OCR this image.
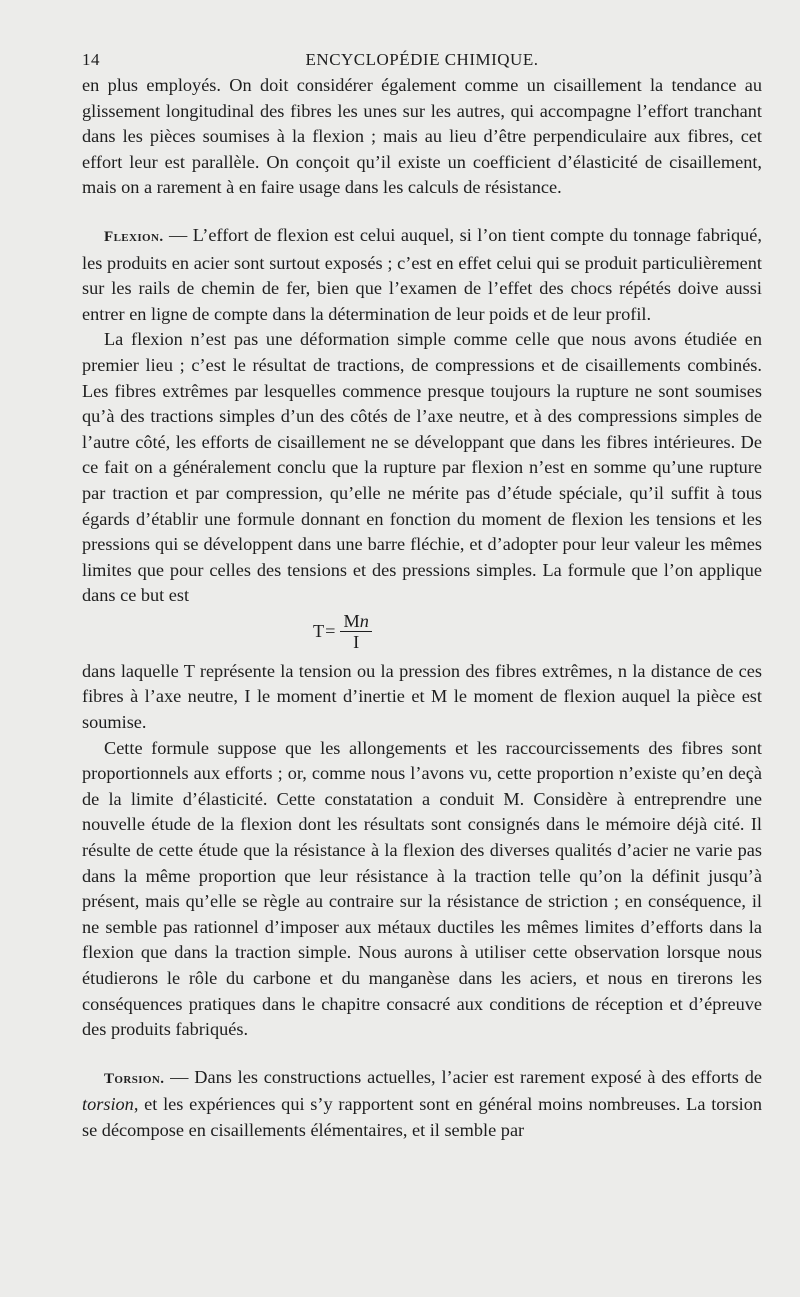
14	ENCYCLOPÉDIE CHIMIQUE.

en plus employés. On doit considérer également comme un cisaillement la tendance au glissement longitudinal des fibres les unes sur les autres, qui accompagne l’effort tranchant dans les pièces soumises à la flexion ; mais au lieu d’être perpendiculaire aux fibres, cet effort leur est parallèle. On conçoit qu’il existe un coefficient d’élasticité de cisaillement, mais on a rarement à en faire usage dans les calculs de résistance.

Flexion. — L’effort de flexion est celui auquel, si l’on tient compte du tonnage fabriqué, les produits en acier sont surtout exposés ; c’est en effet celui qui se produit particulièrement sur les rails de chemin de fer, bien que l’examen de l’effet des chocs répétés doive aussi entrer en ligne de compte dans la détermination de leur poids et de leur profil.

La flexion n’est pas une déformation simple comme celle que nous avons étudiée en premier lieu ; c’est le résultat de tractions, de compressions et de cisaillements combinés. Les fibres extrêmes par lesquelles commence presque toujours la rupture ne sont soumises qu’à des tractions simples d’un des côtés de l’axe neutre, et à des compressions simples de l’autre côté, les efforts de cisaillement ne se développant que dans les fibres intérieures. De ce fait on a généralement conclu que la rupture par flexion n’est en somme qu’une rupture par traction et par compression, qu’elle ne mérite pas d’étude spéciale, qu’il suffit à tous égards d’établir une formule donnant en fonction du moment de flexion les tensions et les pressions qui se développent dans une barre fléchie, et d’adopter pour leur valeur les mêmes limites que pour celles des tensions et des pressions simples. La formule que l’on applique dans ce but est

$T = \frac{Mn}{I}$

dans laquelle T représente la tension ou la pression des fibres extrêmes, n la distance de ces fibres à l’axe neutre, I le moment d’inertie et M le moment de flexion auquel la pièce est soumise.

Cette formule suppose que les allongements et les raccourcissements des fibres sont proportionnels aux efforts ; or, comme nous l’avons vu, cette proportion n’existe qu’en deçà de la limite d’élasticité. Cette constatation a conduit M. Considère à entreprendre une nouvelle étude de la flexion dont les résultats sont consignés dans le mémoire déjà cité. Il résulte de cette étude que la résistance à la flexion des diverses qualités d’acier ne varie pas dans la même proportion que leur résistance à la traction telle qu’on la définit jusqu’à présent, mais qu’elle se règle au contraire sur la résistance de striction ; en conséquence, il ne semble pas rationnel d’imposer aux métaux ductiles les mêmes limites d’efforts dans la flexion que dans la traction simple. Nous aurons à utiliser cette observation lorsque nous étudierons le rôle du carbone et du manganèse dans les aciers, et nous en tirerons les conséquences pratiques dans le chapitre consacré aux conditions de réception et d’épreuve des produits fabriqués.

Torsion. — Dans les constructions actuelles, l’acier est rarement exposé à des efforts de torsion, et les expériences qui s’y rapportent sont en général moins nombreuses. La torsion se décompose en cisaillements élémentaires, et il semble par
